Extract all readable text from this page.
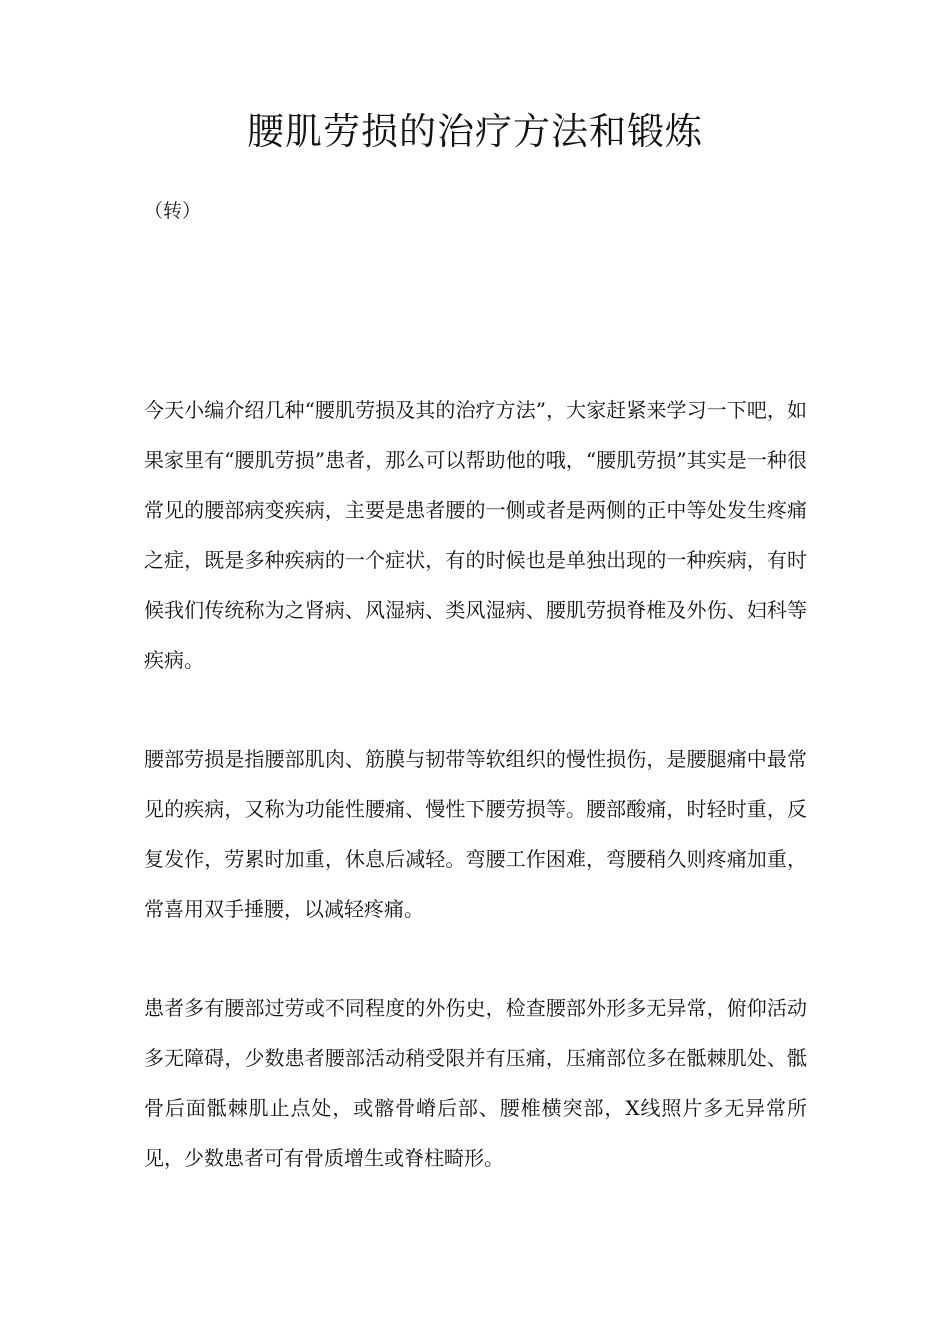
腰肌劳损的治疗方法和锻炼

（转）

今天小编介绍几种“腰肌劳损及其的治疗方法”，大家赶紧来学习一下吧，如果家里有“腰肌劳损”患者，那么可以帮助他的哦，“腰肌劳损”其实是一种很常见的腰部病变疾病，主要是患者腰的一侧或者是两侧的正中等处发生疼痛之症，既是多种疾病的一个症状，有的时候也是单独出现的一种疾病，有时候我们传统称为之肾病、风湿病、类风湿病、腰肌劳损脊椎及外伤、妇科等疾病。

腰部劳损是指腰部肌肉、筋膜与韧带等软组织的慢性损伤，是腰腿痛中最常见的疾病，又称为功能性腰痛、慢性下腰劳损等。腰部酸痛，时轻时重，反复发作，劳累时加重，休息后减轻。弯腰工作困难，弯腰稍久则疼痛加重，常喜用双手捶腰，以减轻疼痛。

患者多有腰部过劳或不同程度的外伤史，检查腰部外形多无异常，俯仰活动多无障碍，少数患者腰部活动稍受限并有压痛，压痛部位多在骶棘肌处、骶骨后面骶棘肌止点处，或髂骨嵴后部、腰椎横突部，X线照片多无异常所见，少数患者可有骨质增生或脊柱畸形。
